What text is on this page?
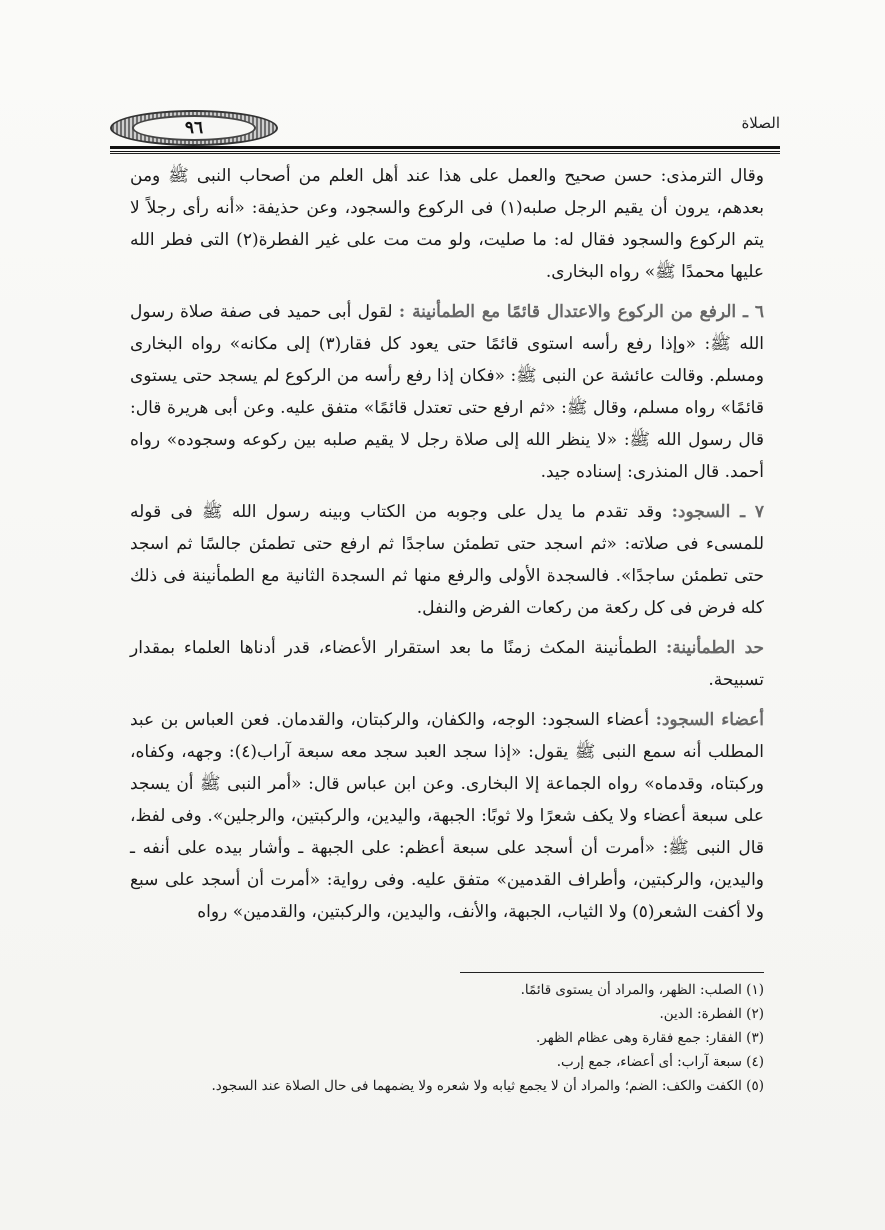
٩٦	الصلاة

وقال الترمذى: حسن صحيح والعمل على هذا عند أهل العلم من أصحاب النبى ﷺ ومن بعدهم، يرون أن يقيم الرجل صلبه(١) فى الركوع والسجود، وعن حذيفة: «أنه رأى رجلاً لا يتم الركوع والسجود فقال له: ما صليت، ولو مت مت على غير الفطرة(٢) التى فطر الله عليها محمدًا ﷺ» رواه البخارى.

٦ ـ الرفع من الركوع والاعتدال قائمًا مع الطمأنينة : لقول أبى حميد فى صفة صلاة رسول الله ﷺ: «وإذا رفع رأسه استوى قائمًا حتى يعود كل فقار(٣) إلى مكانه» رواه البخارى ومسلم. وقالت عائشة عن النبى ﷺ: «فكان إذا رفع رأسه من الركوع لم يسجد حتى يستوى قائمًا» رواه مسلم، وقال ﷺ: «ثم ارفع حتى تعتدل قائمًا» متفق عليه. وعن أبى هريرة قال: قال رسول الله ﷺ: «لا ينظر الله إلى صلاة رجل لا يقيم صلبه بين ركوعه وسجوده» رواه أحمد. قال المنذرى: إسناده جيد.

٧ ـ السجود: وقد تقدم ما يدل على وجوبه من الكتاب وبينه رسول الله ﷺ فى قوله للمسىء فى صلاته: «ثم اسجد حتى تطمئن ساجدًا ثم ارفع حتى تطمئن جالسًا ثم اسجد حتى تطمئن ساجدًا». فالسجدة الأولى والرفع منها ثم السجدة الثانية مع الطمأنينة فى ذلك كله فرض فى كل ركعة من ركعات الفرض والنفل.

حد الطمأنينة: الطمأنينة المكث زمنًا ما بعد استقرار الأعضاء، قدر أدناها العلماء بمقدار تسبيحة.

أعضاء السجود: أعضاء السجود: الوجه، والكفان، والركبتان، والقدمان. فعن العباس بن عبد المطلب أنه سمع النبى ﷺ يقول: «إذا سجد العبد سجد معه سبعة آراب(٤): وجهه، وكفاه، وركبتاه، وقدماه» رواه الجماعة إلا البخارى. وعن ابن عباس قال: «أمر النبى ﷺ أن يسجد على سبعة أعضاء ولا يكف شعرًا ولا ثوبًا: الجبهة، واليدين، والركبتين، والرجلين». وفى لفظ، قال النبى ﷺ: «أمرت أن أسجد على سبعة أعظم: على الجبهة ـ وأشار بيده على أنفه ـ واليدين، والركبتين، وأطراف القدمين» متفق عليه. وفى رواية: «أمرت أن أسجد على سبع ولا أكفت الشعر(٥) ولا الثياب، الجبهة، والأنف، واليدين، والركبتين، والقدمين» رواه

(١) الصلب: الظهر، والمراد أن يستوى قائمًا.
(٢) الفطرة: الدين.
(٣) الفقار: جمع فقارة وهى عظام الظهر.
(٤) سبعة آراب: أى أعضاء، جمع إرب.
(٥) الكفت والكف: الضم؛ والمراد أن لا يجمع ثيابه ولا شعره ولا يضمهما فى حال الصلاة عند السجود.
